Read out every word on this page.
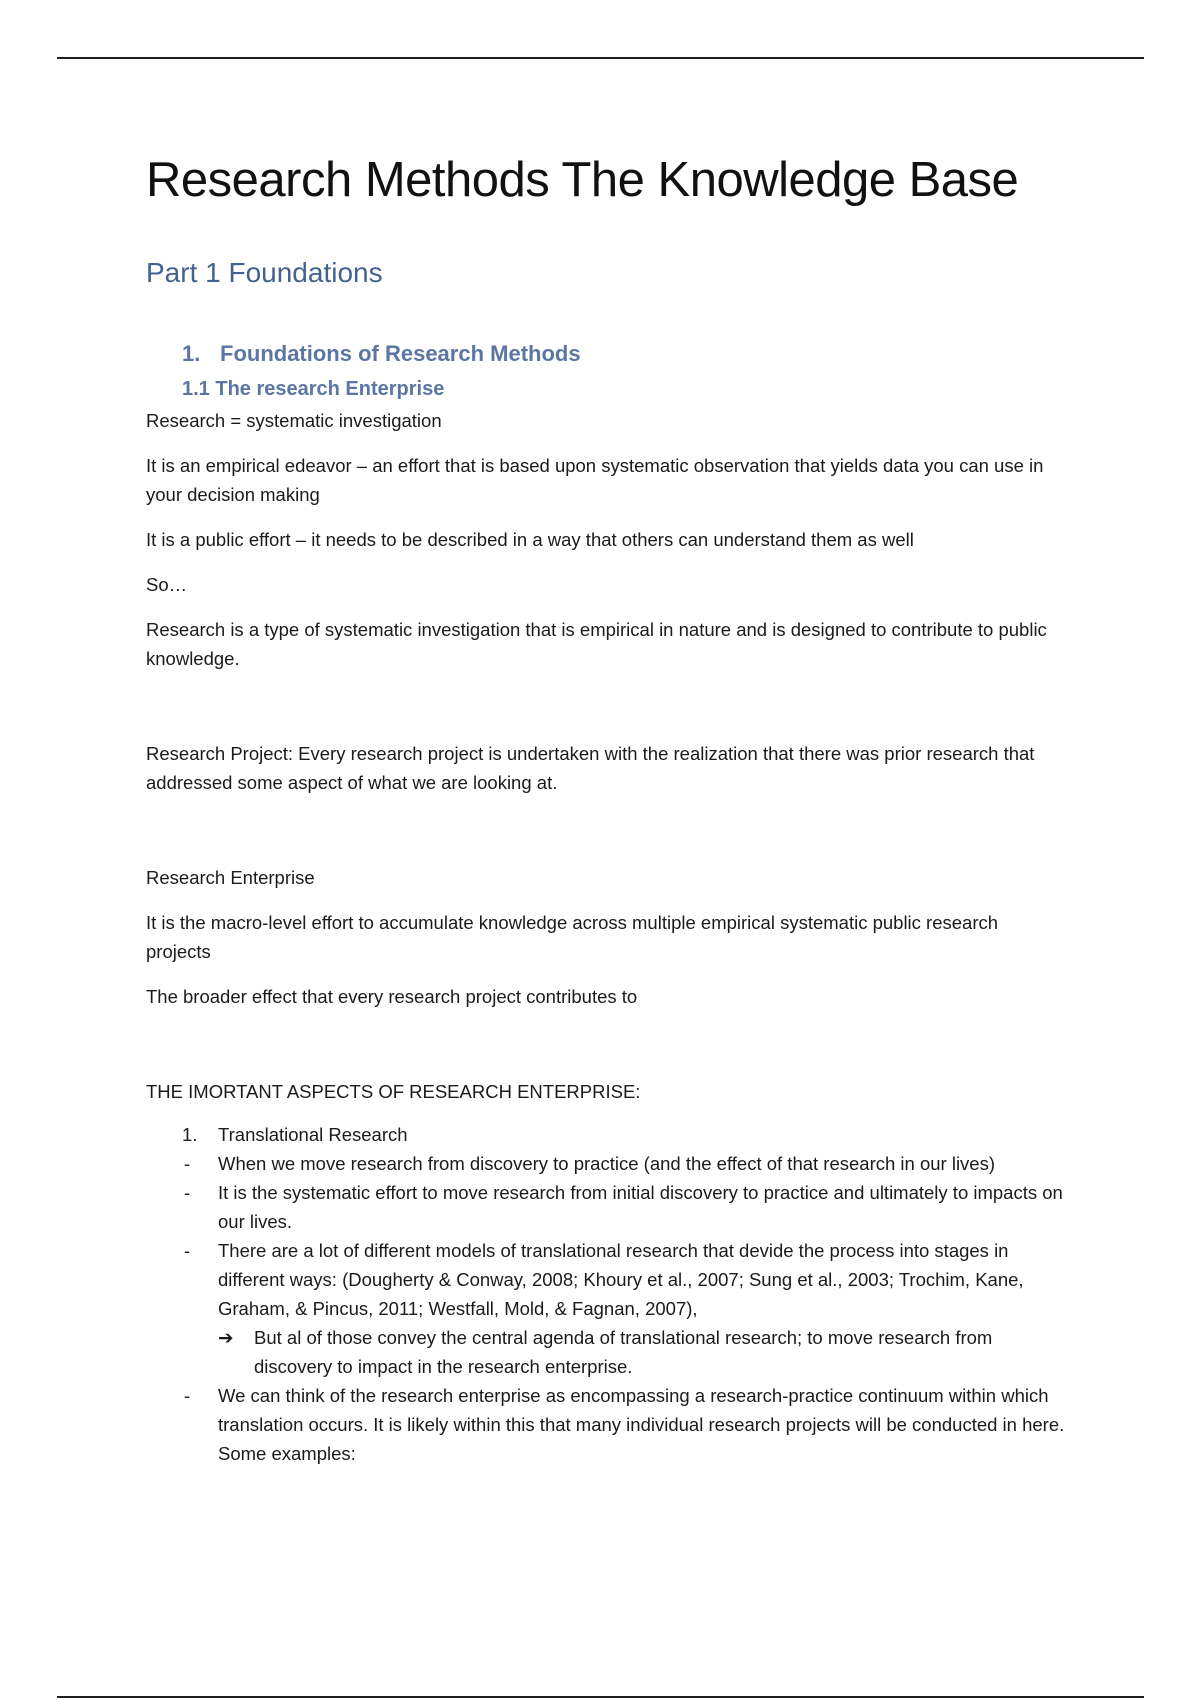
Research Methods The Knowledge Base
Part 1 Foundations
1. Foundations of Research Methods
1.1 The research Enterprise

Research = systematic investigation

It is an empirical edeavor – an effort that is based upon systematic observation that yields data you can use in your decision making

It is a public effort – it needs to be described in a way that others can understand them as well

So…

Research is a type of systematic investigation that is empirical in nature and is designed to contribute to public knowledge.

Research Project: Every research project is undertaken with the realization that there was prior research that addressed some aspect of what we are looking at.

Research Enterprise

It is the macro-level effort to accumulate knowledge across multiple empirical systematic public research projects

The broader effect that every research project contributes to

THE IMORTANT ASPECTS OF RESEARCH ENTERPRISE:

1.	Translational Research
-	When we move research from discovery to practice (and the effect of that research in our lives)
-	It is the systematic effort to move research from initial discovery to practice and ultimately to impacts on our lives.
-	There are a lot of different models of translational research that devide the process into stages in different ways: (Dougherty & Conway, 2008; Khoury et al., 2007; Sung et al., 2003; Trochim, Kane, Graham, & Pincus, 2011; Westfall, Mold, & Fagnan, 2007),
➔	But al of those convey the central agenda of translational research; to move research from discovery to impact in the research enterprise.
-	We can think of the research enterprise as encompassing a research-practice continuum within which translation occurs. It is likely within this that many individual research projects will be conducted in here. Some examples:
